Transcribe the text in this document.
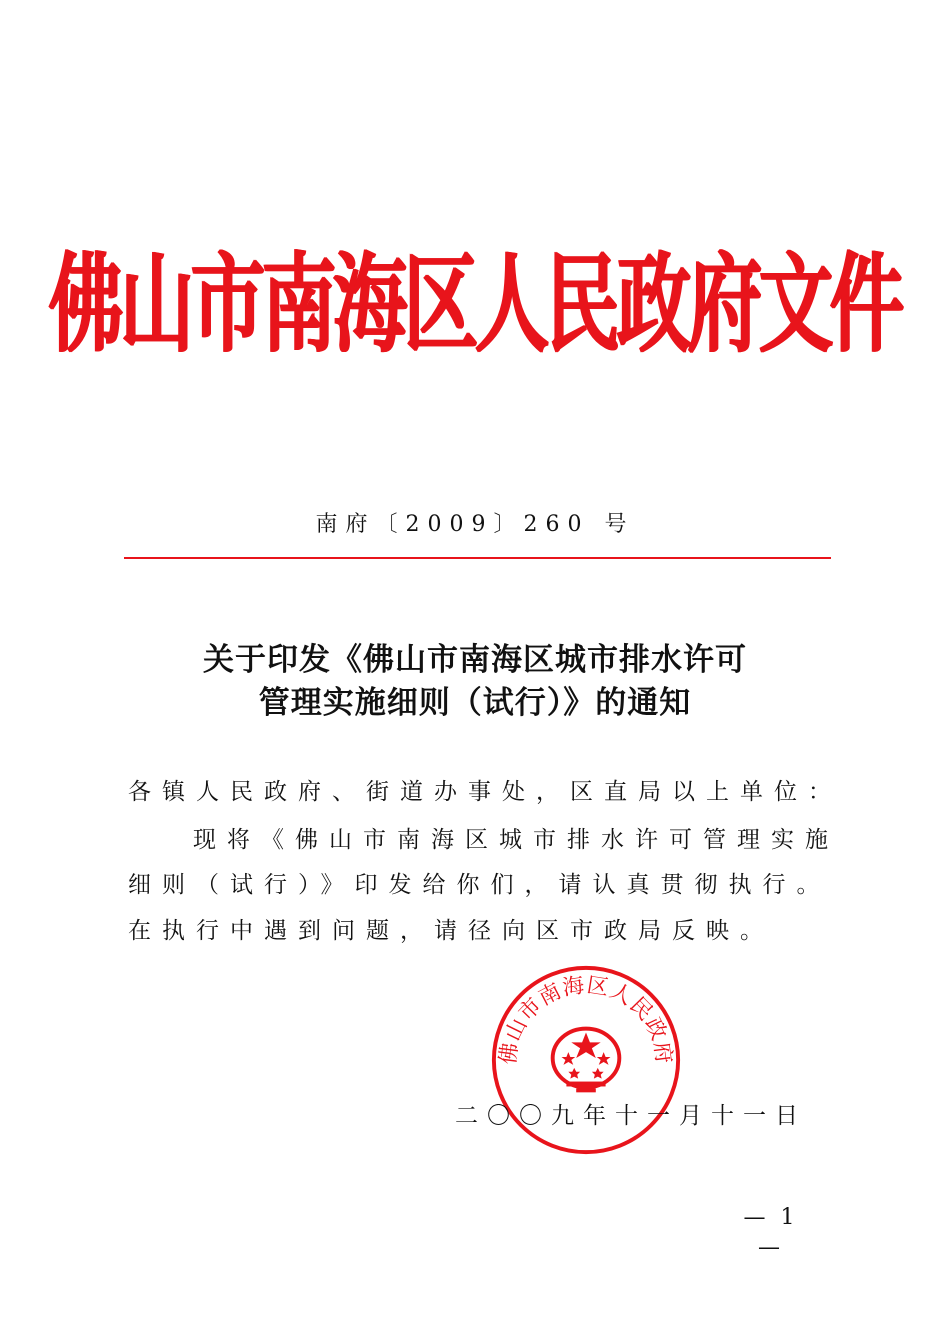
佛山市南海区人民政府文件
南府〔2009〕260 号
关于印发《佛山市南海区城市排水许可
管理实施细则（试行）》的通知
各镇人民政府、街道办事处，区直局以上单位：
现将《佛山市南海区城市排水许可管理实施
细则（试行）》印发给你们，请认真贯彻执行。
在执行中遇到问题，请径向区市政局反映。
佛山市南海区人民政府
二〇〇九年十一月十一日
— 1 —
